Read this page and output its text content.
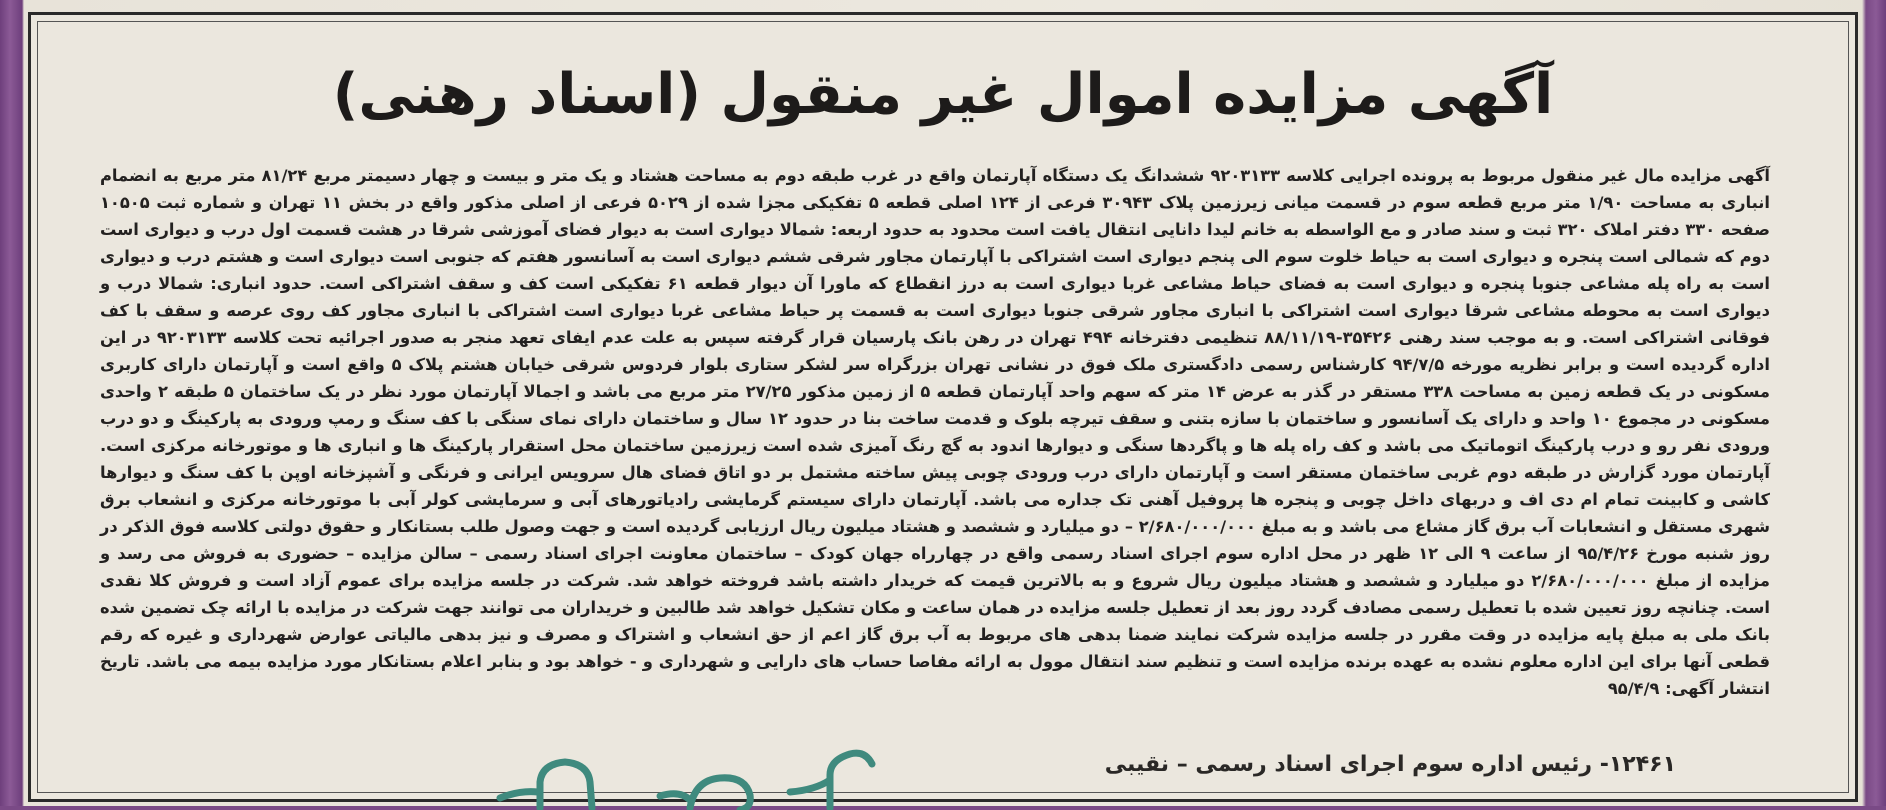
آگهی مزایده اموال غیر منقول (اسناد رهنی)
آگهی مزایده مال غیر منقول مربوط به پرونده اجرایی کلاسه ۹۲۰۳۱۳۳ ششدانگ یک دستگاه آپارتمان واقع در غرب طبقه دوم به مساحت هشتاد و یک متر و بیست و چهار دسیمتر مربع ۸۱/۲۴ متر مربع به انضمام انباری به مساحت ۱/۹۰ متر مربع قطعه سوم در قسمت میانی زیرزمین پلاک ۳۰۹۴۳ فرعی از ۱۲۴ اصلی قطعه ۵ تفکیکی مجزا شده از ۵۰۲۹ فرعی از اصلی مذکور واقع در بخش ۱۱ تهران و شماره ثبت ۱۰۵۰۵ صفحه ۳۳۰ دفتر املاک ۳۲۰ ثبت و سند صادر و مع الواسطه به خانم لیدا دانایی انتقال یافت است محدود به حدود اربعه: شمالا دیواری است به دیوار فضای آموزشی شرقا در هشت قسمت اول درب و دیواری است دوم که شمالی است پنجره و دیواری است به حیاط خلوت سوم الی پنجم دیواری است اشتراکی با آپارتمان مجاور شرقی ششم دیواری است به آسانسور هفتم که جنوبی است دیواری است و هشتم درب و دیواری است به راه پله مشاعی جنوبا پنجره و دیواری است به فضای حیاط مشاعی غربا دیواری است به درز انقطاع که ماورا آن دیوار قطعه ۶۱ تفکیکی است کف و سقف اشتراکی است. حدود انباری: شمالا درب و دیواری است به محوطه مشاعی شرقا دیواری است اشتراکی با انباری مجاور شرقی جنوبا دیواری است به قسمت پر حیاط مشاعی غربا دیواری است اشتراکی با انباری مجاور کف روی عرصه و سقف با کف فوقانی اشتراکی است. و به موجب سند رهنی ۳۵۴۲۶-۸۸/۱۱/۱۹ تنظیمی دفترخانه ۴۹۴ تهران در رهن بانک پارسیان قرار گرفته سپس به علت عدم ایفای تعهد منجر به صدور اجرائیه تحت کلاسه ۹۲۰۳۱۳۳ در این اداره گردیده است و برابر نظریه مورخه ۹۴/۷/۵ کارشناس رسمی دادگستری ملک فوق در نشانی تهران بزرگراه سر لشکر ستاری بلوار فردوس شرقی خیابان هشتم پلاک ۵ واقع است و آپارتمان دارای کاربری مسکونی در یک قطعه زمین به مساحت ۳۳۸ مستقر در گذر به عرض ۱۴ متر که سهم واحد آپارتمان قطعه ۵ از زمین مذکور ۲۷/۲۵ متر مربع می باشد و اجمالا آپارتمان مورد نظر در یک ساختمان ۵ طبقه ۲ واحدی مسکونی در مجموع ۱۰ واحد و دارای یک آسانسور و ساختمان با سازه بتنی و سقف تیرچه بلوک و قدمت ساخت بنا در حدود ۱۲ سال و ساختمان دارای نمای سنگی با کف سنگ و رمپ ورودی به پارکینگ و دو درب ورودی نفر رو و درب پارکینگ اتوماتیک می باشد و کف راه پله ها و پاگردها سنگی و دیوارها اندود به گچ رنگ آمیزی شده است زیرزمین ساختمان محل استقرار پارکینگ ها و انباری ها و موتورخانه مرکزی است. آپارتمان مورد گزارش در طبقه دوم غربی ساختمان مستقر است و آپارتمان دارای درب ورودی چوبی پیش ساخته مشتمل بر دو اتاق فضای هال سرویس ایرانی و فرنگی و آشپزخانه اوپن با کف سنگ و دیوارها کاشی و کابینت تمام ام دی اف و دربهای داخل چوبی و پنجره ها پروفیل آهنی تک جداره می باشد. آپارتمان دارای سیستم گرمایشی رادیاتورهای آبی و سرمایشی کولر آبی با موتورخانه مرکزی و انشعاب برق شهری مستقل و انشعابات آب برق گاز مشاع می باشد و به مبلغ ۲/۶۸۰/۰۰۰/۰۰۰ – دو میلیارد و ششصد و هشتاد میلیون ریال ارزیابی گردیده است و جهت وصول طلب بستانکار و حقوق دولتی کلاسه فوق الذکر در روز شنبه مورخ ۹۵/۴/۲۶ از ساعت ۹ الی ۱۲ ظهر در محل اداره سوم اجرای اسناد رسمی واقع در چهارراه جهان کودک – ساختمان معاونت اجرای اسناد رسمی – سالن مزایده – حضوری به فروش می رسد و مزایده از مبلغ ۲/۶۸۰/۰۰۰/۰۰۰ دو میلیارد و ششصد و هشتاد میلیون ریال شروع و به بالاترین قیمت که خریدار داشته باشد فروخته خواهد شد. شرکت در جلسه مزایده برای عموم آزاد است و فروش کلا نقدی است. چنانچه روز تعیین شده با تعطیل رسمی مصادف گردد روز بعد از تعطیل جلسه مزایده در همان ساعت و مکان تشکیل خواهد شد طالبین و خریداران می توانند جهت شرکت در مزایده با ارائه چک تضمین شده بانک ملی به مبلغ پایه مزایده در وقت مقرر در جلسه مزایده شرکت نمایند ضمنا بدهی های مربوط به آب برق گاز اعم از حق انشعاب و اشتراک و مصرف و نیز بدهی مالیاتی عوارض شهرداری و غیره که رقم قطعی آنها برای این اداره معلوم نشده به عهده برنده مزایده است و تنظیم سند انتقال موول به ارائه مفاصا حساب های دارایی و شهرداری و - خواهد بود و بنابر اعلام بستانکار مورد مزایده بیمه می باشد. تاریخ انتشار آگهی: ۹۵/۴/۹
۱۲۴۶۱- رئیس اداره سوم اجرای اسناد رسمی – نقیبی
